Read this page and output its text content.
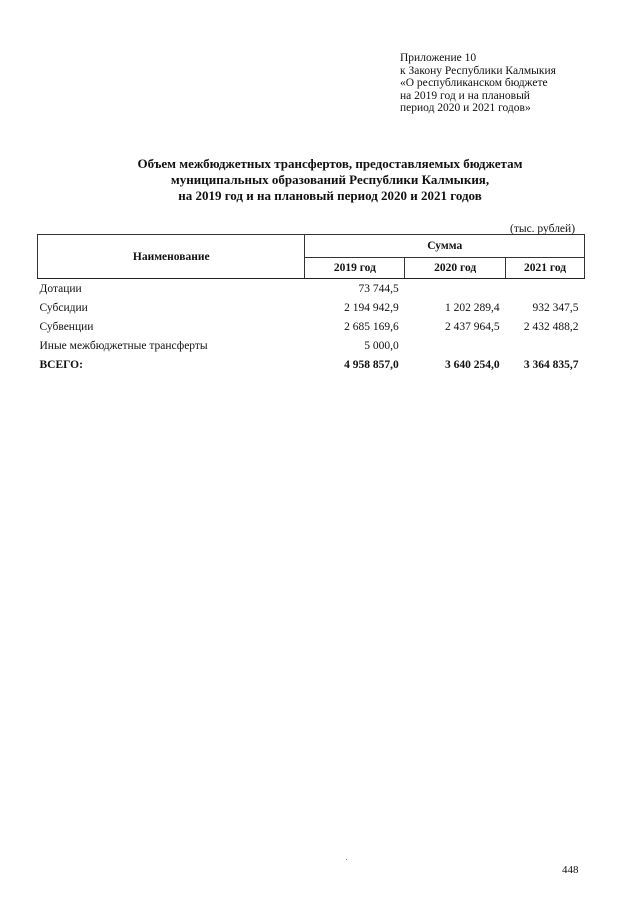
Приложение 10
к Закону Республики Калмыкия
«О республиканском бюджете
на 2019 год и на плановый
период 2020 и 2021 годов»
Объем межбюджетных трансфертов, предоставляемых бюджетам
муниципальных образований Республики Калмыкия,
на 2019 год и на плановый период 2020 и 2021 годов
(тыс. рублей)
Наименование	Сумма		
	2019 год	2020 год	2021 год
Дотации	73 744,5		
Субсидии	2 194 942,9	1 202 289,4	932 347,5
Субвенции	2 685 169,6	2 437 964,5	2 432 488,2
Иные межбюджетные трансферты	5 000,0		
ВСЕГО:	4 958 857,0	3 640 254,0	3 364 835,7
448
